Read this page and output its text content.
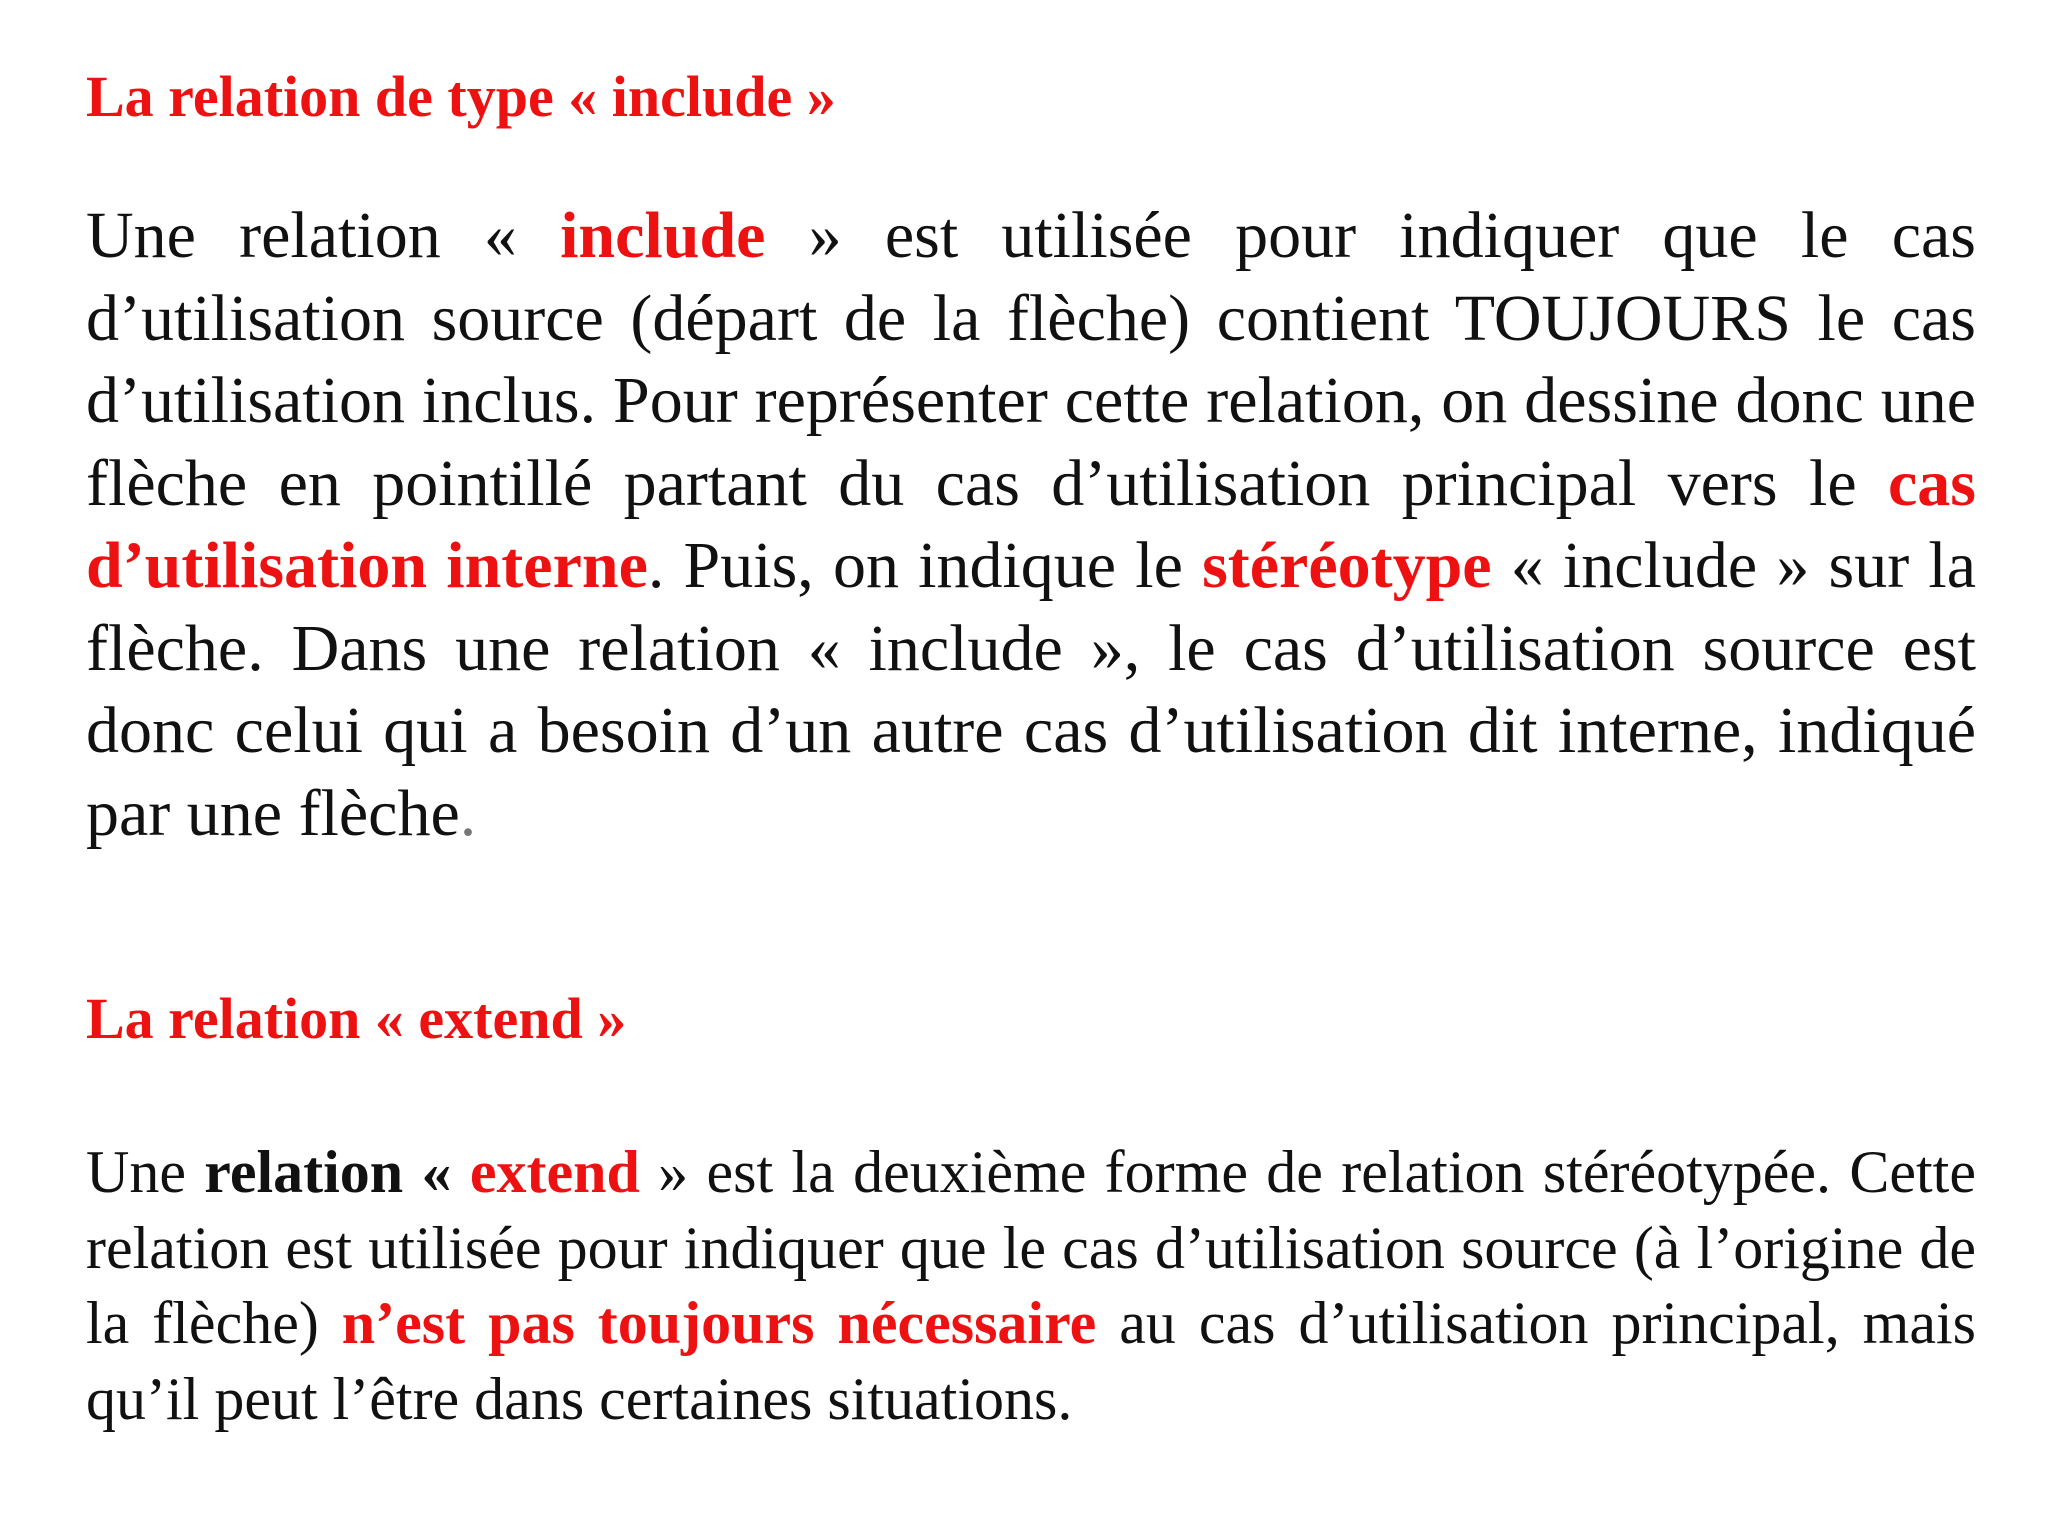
La relation de type « include »

Une relation « include » est utilisée pour indiquer que le cas d’utilisation source (départ de la flèche) contient TOUJOURS le cas d’utilisation inclus. Pour représenter cette relation, on dessine donc une flèche en pointillé partant du cas d’utilisation principal vers le cas d’utilisation interne. Puis, on indique le stéréotype « include » sur la flèche. Dans une relation « include », le cas d’utilisation source est donc celui qui a besoin d’un autre cas d’utilisation dit interne, indiqué par une flèche.

La relation « extend »

Une relation « extend » est la deuxième forme de relation stéréotypée. Cette relation est utilisée pour indiquer que le cas d’utilisation source (à l’origine de la flèche) n’est pas toujours nécessaire au cas d’utilisation principal, mais qu’il peut l’être dans certaines situations.
